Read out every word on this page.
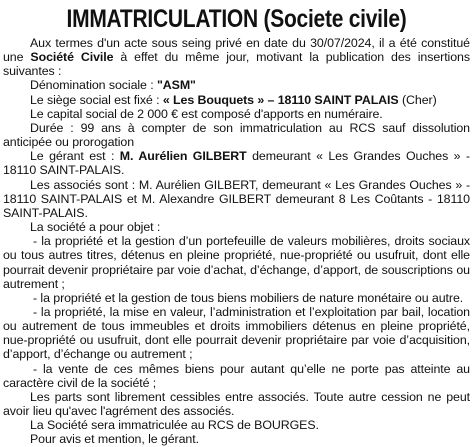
IMMATRICULATION (Societe civile)

Aux termes d'un acte sous seing privé en date du 30/07/2024, il a été constitué une Société Civile à effet du même jour, motivant la publication des insertions suivantes :

Dénomination sociale : "ASM"

Le siège social est fixé : « Les Bouquets » – 18110 SAINT PALAIS (Cher)

Le capital social de 2 000 € est composé d'apports en numéraire.

Durée : 99 ans à compter de son immatriculation au RCS sauf dissolution anticipée ou prorogation

Le gérant est : M. Aurélien GILBERT demeurant « Les Grandes Ouches » - 18110 SAINT-PALAIS.

Les associés sont : M. Aurélien GILBERT, demeurant « Les Grandes Ouches » - 18110 SAINT-PALAIS et M. Alexandre GILBERT demeurant 8 Les Coûtants - 18110 SAINT-PALAIS.

La société a pour objet :

- la propriété et la gestion d’un portefeuille de valeurs mobilières, droits sociaux ou tous autres titres, détenus en pleine propriété, nue-propriété ou usufruit, dont elle pourrait devenir propriétaire par voie d’achat, d’échange, d’apport, de souscriptions ou autrement ;

- la propriété et la gestion de tous biens mobiliers de nature monétaire ou autre.

- la propriété, la mise en valeur, l’administration et l’exploitation par bail, location ou autrement de tous immeubles et droits immobiliers détenus en pleine propriété, nue-propriété ou usufruit, dont elle pourrait devenir propriétaire par voie d’acquisition, d’apport, d’échange ou autrement ;

- la vente de ces mêmes biens pour autant qu’elle ne porte pas atteinte au caractère civil de la société ;

Les parts sont librement cessibles entre associés. Toute autre cession ne peut avoir lieu qu'avec l'agrément des associés.

La Société sera immatriculée au RCS de BOURGES.

Pour avis et mention, le gérant.
